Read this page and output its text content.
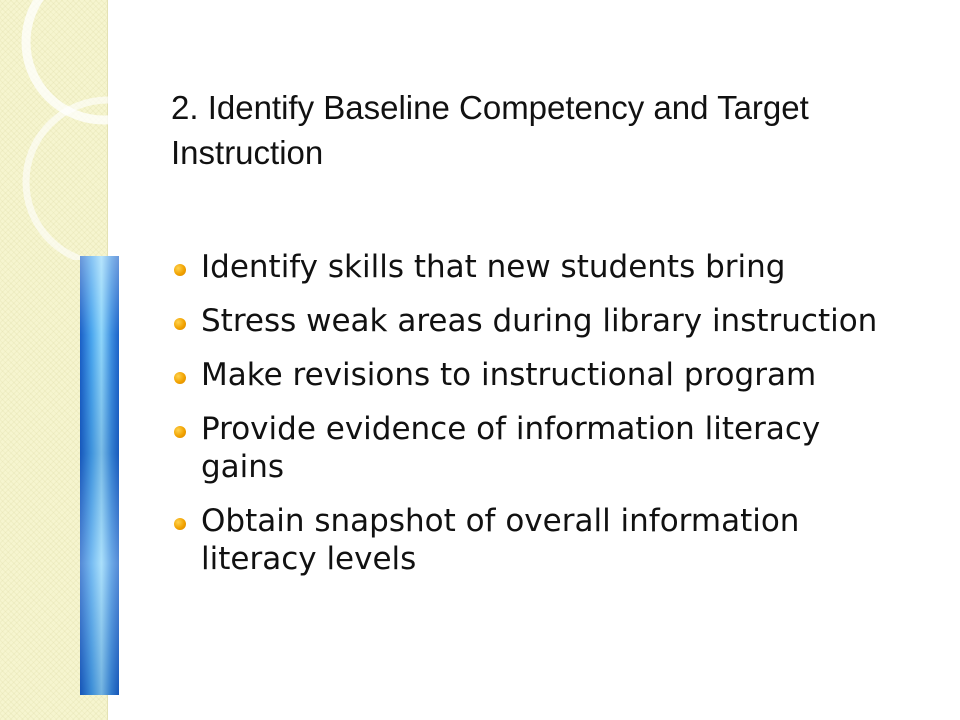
2. Identify Baseline Competency and Target Instruction
Identify skills that new students bring
Stress weak areas during library instruction
Make revisions to instructional program
Provide evidence of information literacy gains
Obtain snapshot of overall information literacy levels
